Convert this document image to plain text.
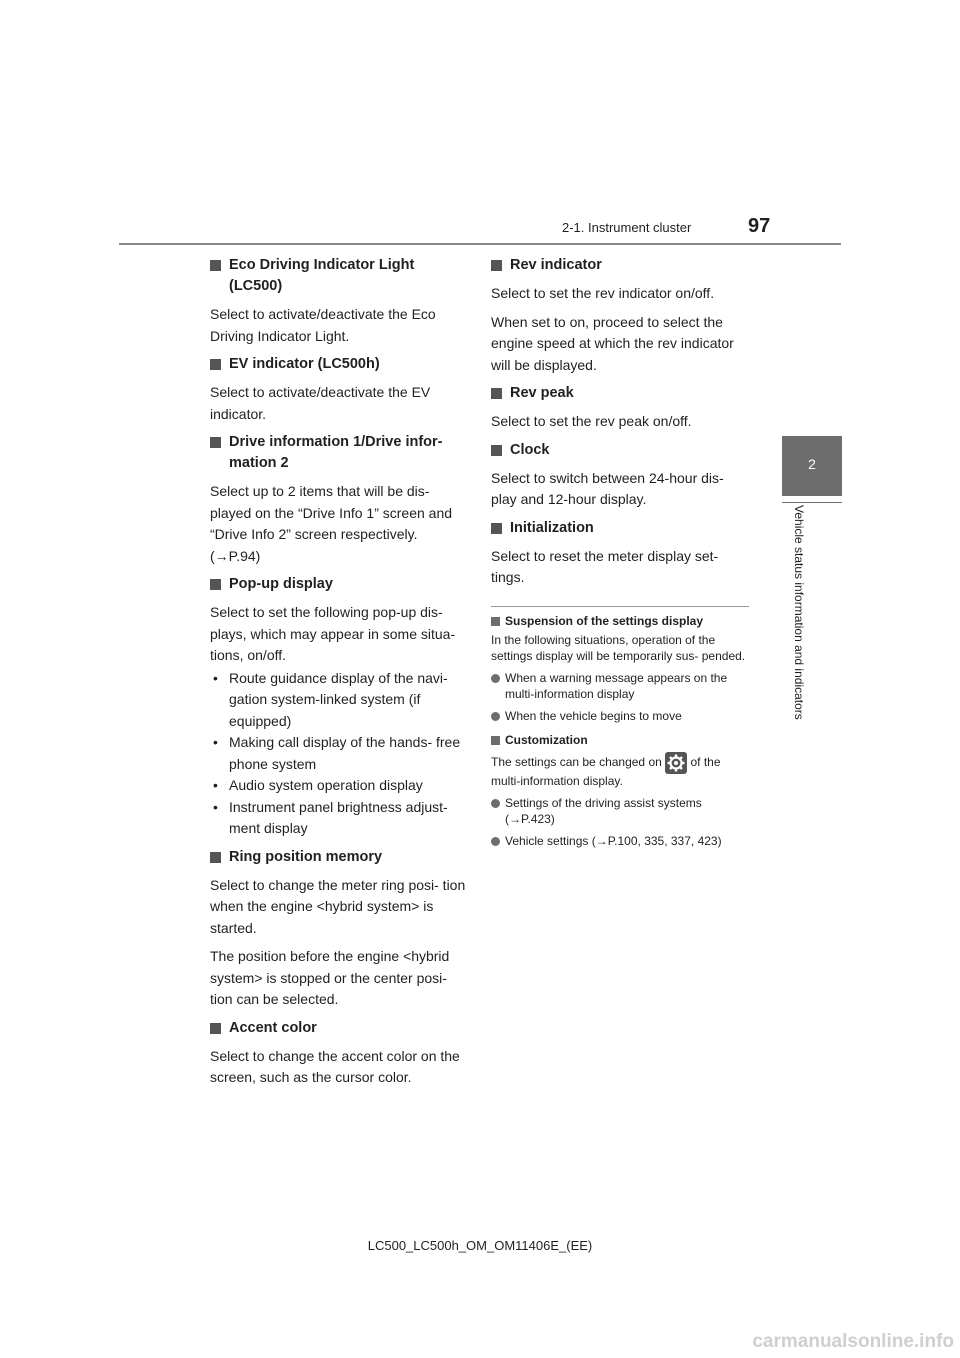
2-1. Instrument cluster	97
2
Vehicle status information and indicators
Eco Driving Indicator Light (LC500)
Select to activate/deactivate the Eco Driving Indicator Light.
EV indicator (LC500h)
Select to activate/deactivate the EV indicator.
Drive information 1/Drive infor- mation 2
Select up to 2 items that will be dis- played on the “Drive Info 1” screen and “Drive Info 2” screen respectively. (→P.94)
Pop-up display
Select to set the following pop-up dis- plays, which may appear in some situa- tions, on/off.
• Route guidance display of the navi- gation system-linked system (if equipped)
• Making call display of the hands- free phone system
• Audio system operation display
• Instrument panel brightness adjust- ment display
Ring position memory
Select to change the meter ring posi- tion when the engine <hybrid system> is started.
The position before the engine <hybrid system> is stopped or the center posi- tion can be selected.
Accent color
Select to change the accent color on the screen, such as the cursor color.
Rev indicator
Select to set the rev indicator on/off.
When set to on, proceed to select the engine speed at which the rev indicator will be displayed.
Rev peak
Select to set the rev peak on/off.
Clock
Select to switch between 24-hour dis- play and 12-hour display.
Initialization
Select to reset the meter display set- tings.
Suspension of the settings display
In the following situations, operation of the settings display will be temporarily sus- pended.
When a warning message appears on the multi-information display
When the vehicle begins to move
Customization
The settings can be changed on of the multi-information display.
Settings of the driving assist systems (→P.423)
Vehicle settings (→P.100, 335, 337, 423)
LC500_LC500h_OM_OM11406E_(EE)
carmanualsonline.info
